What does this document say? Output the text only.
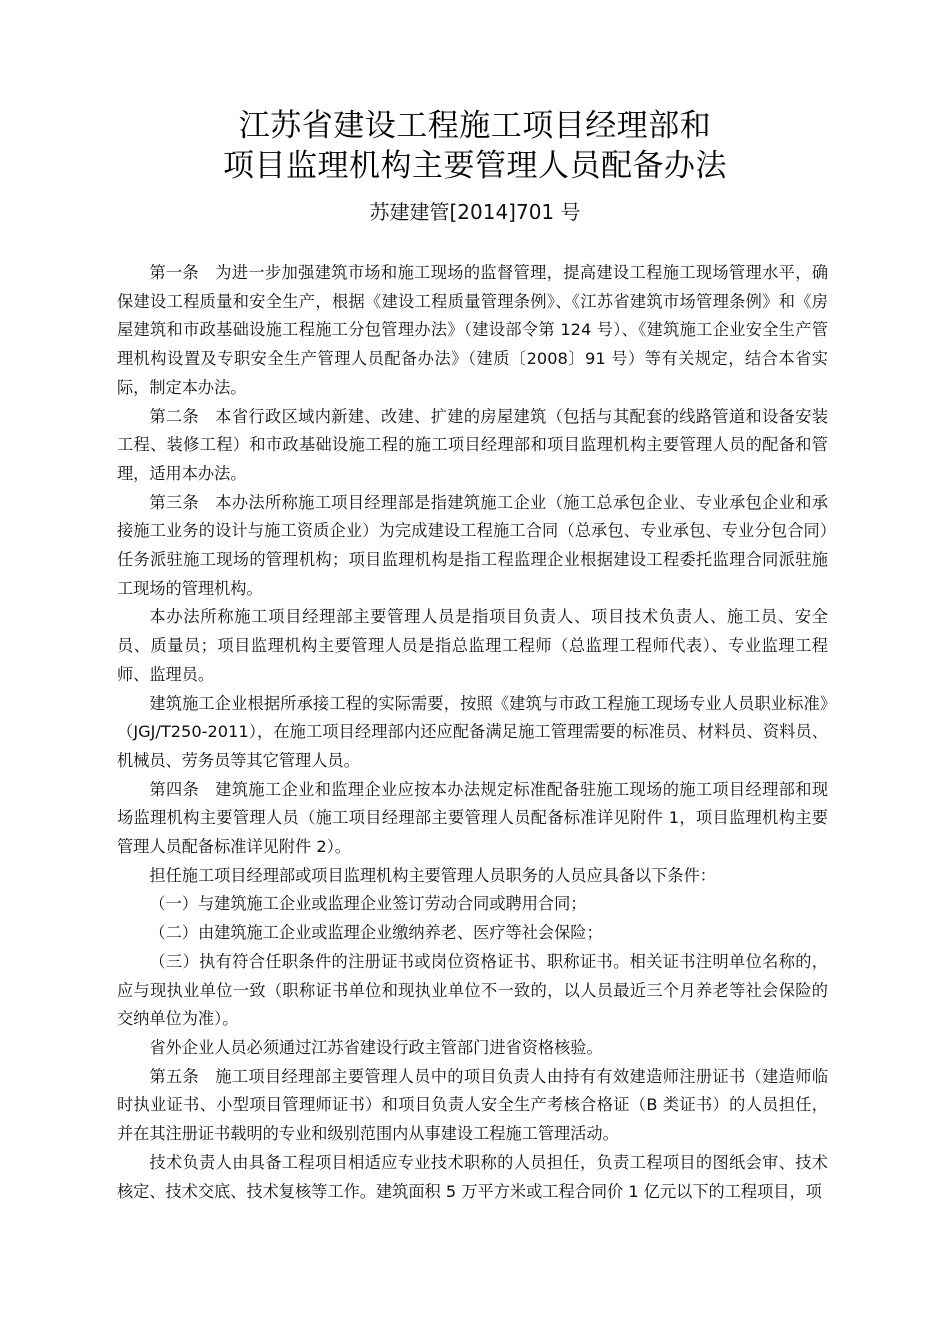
江苏省建设工程施工项目经理部和
项目监理机构主要管理人员配备办法
苏建建管[2014]701 号

第一条 为进一步加强建筑市场和施工现场的监督管理，提高建设工程施工现场管理水平，确保建设工程质量和安全生产，根据《建设工程质量管理条例》、《江苏省建筑市场管理条例》和《房屋建筑和市政基础设施工程施工分包管理办法》（建设部令第 124 号）、《建筑施工企业安全生产管理机构设置及专职安全生产管理人员配备办法》（建质〔2008〕91 号）等有关规定，结合本省实际，制定本办法。

第二条 本省行政区域内新建、改建、扩建的房屋建筑（包括与其配套的线路管道和设备安装工程、装修工程）和市政基础设施工程的施工项目经理部和项目监理机构主要管理人员的配备和管理，适用本办法。

第三条 本办法所称施工项目经理部是指建筑施工企业（施工总承包企业、专业承包企业和承接施工业务的设计与施工资质企业）为完成建设工程施工合同（总承包、专业承包、专业分包合同）任务派驻施工现场的管理机构；项目监理机构是指工程监理企业根据建设工程委托监理合同派驻施工现场的管理机构。

本办法所称施工项目经理部主要管理人员是指项目负责人、项目技术负责人、施工员、安全员、质量员；项目监理机构主要管理人员是指总监理工程师（总监理工程师代表）、专业监理工程师、监理员。

建筑施工企业根据所承接工程的实际需要，按照《建筑与市政工程施工现场专业人员职业标准》（JGJ/T250-2011），在施工项目经理部内还应配备满足施工管理需要的标准员、材料员、资料员、机械员、劳务员等其它管理人员。

第四条 建筑施工企业和监理企业应按本办法规定标准配备驻施工现场的施工项目经理部和现场监理机构主要管理人员（施工项目经理部主要管理人员配备标准详见附件 1，项目监理机构主要管理人员配备标准详见附件 2）。

担任施工项目经理部或项目监理机构主要管理人员职务的人员应具备以下条件：

（一）与建筑施工企业或监理企业签订劳动合同或聘用合同；

（二）由建筑施工企业或监理企业缴纳养老、医疗等社会保险；

（三）执有符合任职条件的注册证书或岗位资格证书、职称证书。相关证书注明单位名称的，应与现执业单位一致（职称证书单位和现执业单位不一致的，以人员最近三个月养老等社会保险的交纳单位为准）。

省外企业人员必须通过江苏省建设行政主管部门进省资格核验。

第五条 施工项目经理部主要管理人员中的项目负责人由持有有效建造师注册证书（建造师临时执业证书、小型项目管理师证书）和项目负责人安全生产考核合格证（B 类证书）的人员担任，并在其注册证书载明的专业和级别范围内从事建设工程施工管理活动。

技术负责人由具备工程项目相适应专业技术职称的人员担任，负责工程项目的图纸会审、技术核定、技术交底、技术复核等工作。建筑面积 5 万平方米或工程合同价 1 亿元以下的工程项目，项
